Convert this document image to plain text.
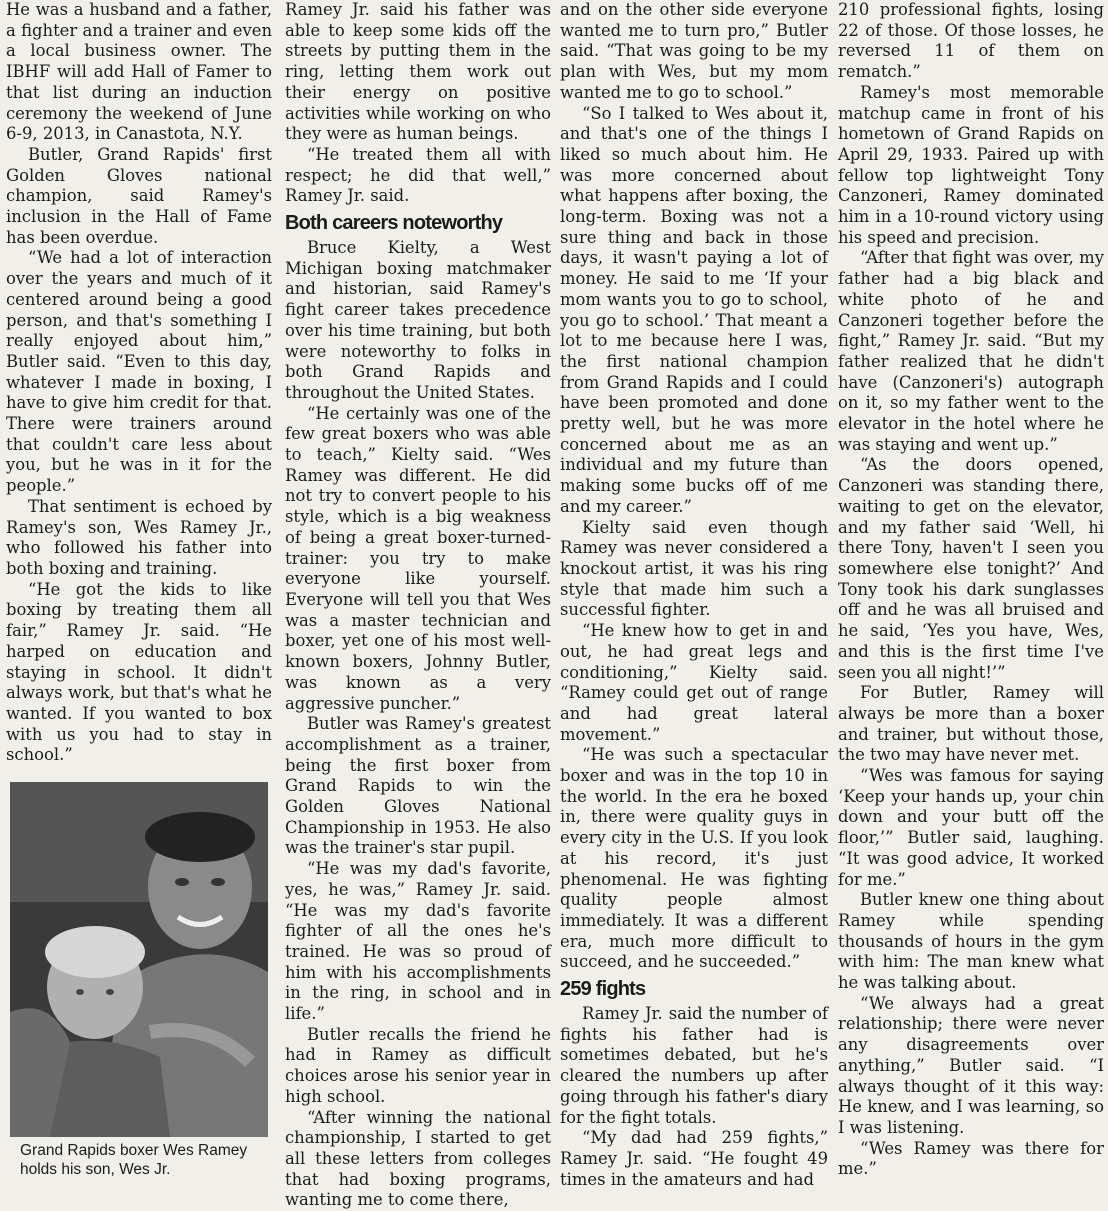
He was a husband and a father, a fighter and a trainer and even a local business owner. The IBHF will add Hall of Famer to that list during an induction ceremony the weekend of June 6-9, 2013, in Canastota, N.Y.

Butler, Grand Rapids' first Golden Gloves national champion, said Ramey's inclusion in the Hall of Fame has been overdue.

“We had a lot of interaction over the years and much of it centered around being a good person, and that's something I really enjoyed about him,” Butler said. “Even to this day, whatever I made in boxing, I have to give him credit for that. There were trainers around that couldn't care less about you, but he was in it for the people.”

That sentiment is echoed by Ramey's son, Wes Ramey Jr., who followed his father into both boxing and training.

“He got the kids to like boxing by treating them all fair,” Ramey Jr. said. “He harped on education and staying in school. It didn't always work, but that's what he wanted. If you wanted to box with us you had to stay in school.”

Grand Rapids boxer Wes Ramey holds his son, Wes Jr.

Ramey Jr. said his father was able to keep some kids off the streets by putting them in the ring, letting them work out their energy on positive activities while working on who they were as human beings.

“He treated them all with respect; he did that well,” Ramey Jr. said.

Both careers noteworthy

Bruce Kielty, a West Michigan boxing matchmaker and historian, said Ramey's fight career takes precedence over his time training, but both were noteworthy to folks in both Grand Rapids and throughout the United States.

“He certainly was one of the few great boxers who was able to teach,” Kielty said. “Wes Ramey was different. He did not try to convert people to his style, which is a big weakness of being a great boxer-turned-trainer: you try to make everyone like yourself. Everyone will tell you that Wes was a master technician and boxer, yet one of his most well-known boxers, Johnny Butler, was known as a very aggressive puncher.”

Butler was Ramey's greatest accomplishment as a trainer, being the first boxer from Grand Rapids to win the Golden Gloves National Championship in 1953. He also was the trainer's star pupil.

“He was my dad's favorite, yes, he was,” Ramey Jr. said. “He was my dad's favorite fighter of all the ones he's trained. He was so proud of him with his accomplishments in the ring, in school and in life.”

Butler recalls the friend he had in Ramey as difficult choices arose his senior year in high school.

“After winning the national championship, I started to get all these letters from colleges that had boxing programs, wanting me to come there,

and on the other side everyone wanted me to turn pro,” Butler said. “That was going to be my plan with Wes, but my mom wanted me to go to school.”

“So I talked to Wes about it, and that's one of the things I liked so much about him. He was more concerned about what happens after boxing, the long-term. Boxing was not a sure thing and back in those days, it wasn't paying a lot of money. He said to me ‘If your mom wants you to go to school, you go to school.’ That meant a lot to me because here I was, the first national champion from Grand Rapids and I could have been promoted and done pretty well, but he was more concerned about me as an individual and my future than making some bucks off of me and my career.”

Kielty said even though Ramey was never considered a knockout artist, it was his ring style that made him such a successful fighter.

“He knew how to get in and out, he had great legs and conditioning,” Kielty said. “Ramey could get out of range and had great lateral movement.”

“He was such a spectacular boxer and was in the top 10 in the world. In the era he boxed in, there were quality guys in every city in the U.S. If you look at his record, it's just phenomenal. He was fighting quality people almost immediately. It was a different era, much more difficult to succeed, and he succeeded.”

259 fights

Ramey Jr. said the number of fights his father had is sometimes debated, but he's cleared the numbers up after going through his father's diary for the fight totals.

“My dad had 259 fights,” Ramey Jr. said. “He fought 49 times in the amateurs and had

210 professional fights, losing 22 of those. Of those losses, he reversed 11 of them on rematch.”

Ramey's most memorable matchup came in front of his hometown of Grand Rapids on April 29, 1933. Paired up with fellow top lightweight Tony Canzoneri, Ramey dominated him in a 10-round victory using his speed and precision.

“After that fight was over, my father had a big black and white photo of he and Canzoneri together before the fight,” Ramey Jr. said. “But my father realized that he didn't have (Canzoneri's) autograph on it, so my father went to the elevator in the hotel where he was staying and went up.”

“As the doors opened, Canzoneri was standing there, waiting to get on the elevator, and my father said ‘Well, hi there Tony, haven't I seen you somewhere else tonight?’ And Tony took his dark sunglasses off and he was all bruised and he said, ‘Yes you have, Wes, and this is the first time I've seen you all night!’”

For Butler, Ramey will always be more than a boxer and trainer, but without those, the two may have never met.

“Wes was famous for saying ‘Keep your hands up, your chin down and your butt off the floor,’” Butler said, laughing. “It was good advice, It worked for me.”

Butler knew one thing about Ramey while spending thousands of hours in the gym with him: The man knew what he was talking about.

“We always had a great relationship; there were never any disagreements over anything,” Butler said. “I always thought of it this way: He knew, and I was learning, so I was listening.

“Wes Ramey was there for me.”
